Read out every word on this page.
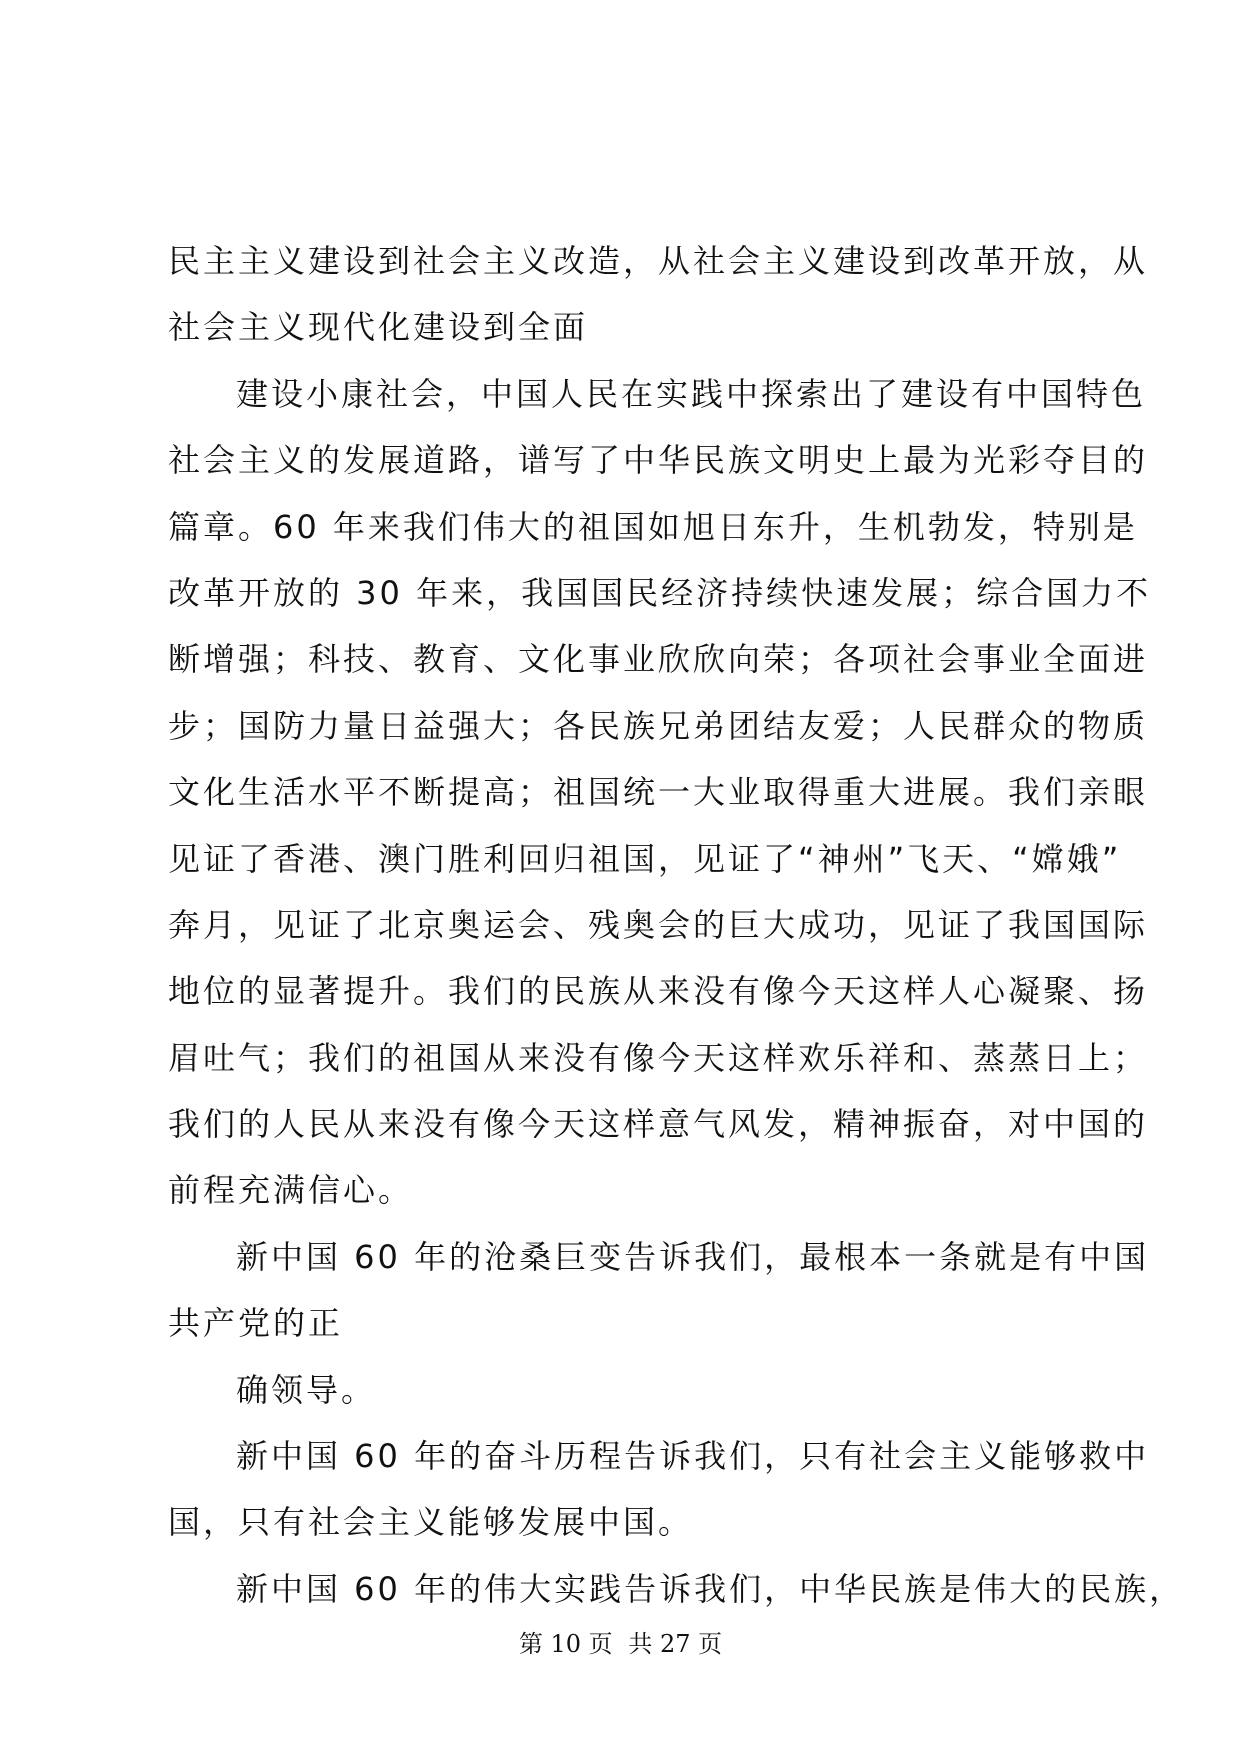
民主主义建设到社会主义改造，从社会主义建设到改革开放，从
社会主义现代化建设到全面
建设小康社会，中国人民在实践中探索出了建设有中国特色
社会主义的发展道路，谱写了中华民族文明史上最为光彩夺目的
篇章。60 年来我们伟大的祖国如旭日东升，生机勃发，特别是
改革开放的 30 年来，我国国民经济持续快速发展；综合国力不
断增强；科技、教育、文化事业欣欣向荣；各项社会事业全面进
步；国防力量日益强大；各民族兄弟团结友爱；人民群众的物质
文化生活水平不断提高；祖国统一大业取得重大进展。我们亲眼
见证了香港、澳门胜利回归祖国，见证了“神州”飞天、“嫦娥”
奔月，见证了北京奥运会、残奥会的巨大成功，见证了我国国际
地位的显著提升。我们的民族从来没有像今天这样人心凝聚、扬
眉吐气；我们的祖国从来没有像今天这样欢乐祥和、蒸蒸日上；
我们的人民从来没有像今天这样意气风发，精神振奋，对中国的
前程充满信心。
新中国 60 年的沧桑巨变告诉我们，最根本一条就是有中国
共产党的正
确领导。
新中国 60 年的奋斗历程告诉我们，只有社会主义能够救中
国，只有社会主义能够发展中国。
新中国 60 年的伟大实践告诉我们，中华民族是伟大的民族，
第 10 页 共 27 页
